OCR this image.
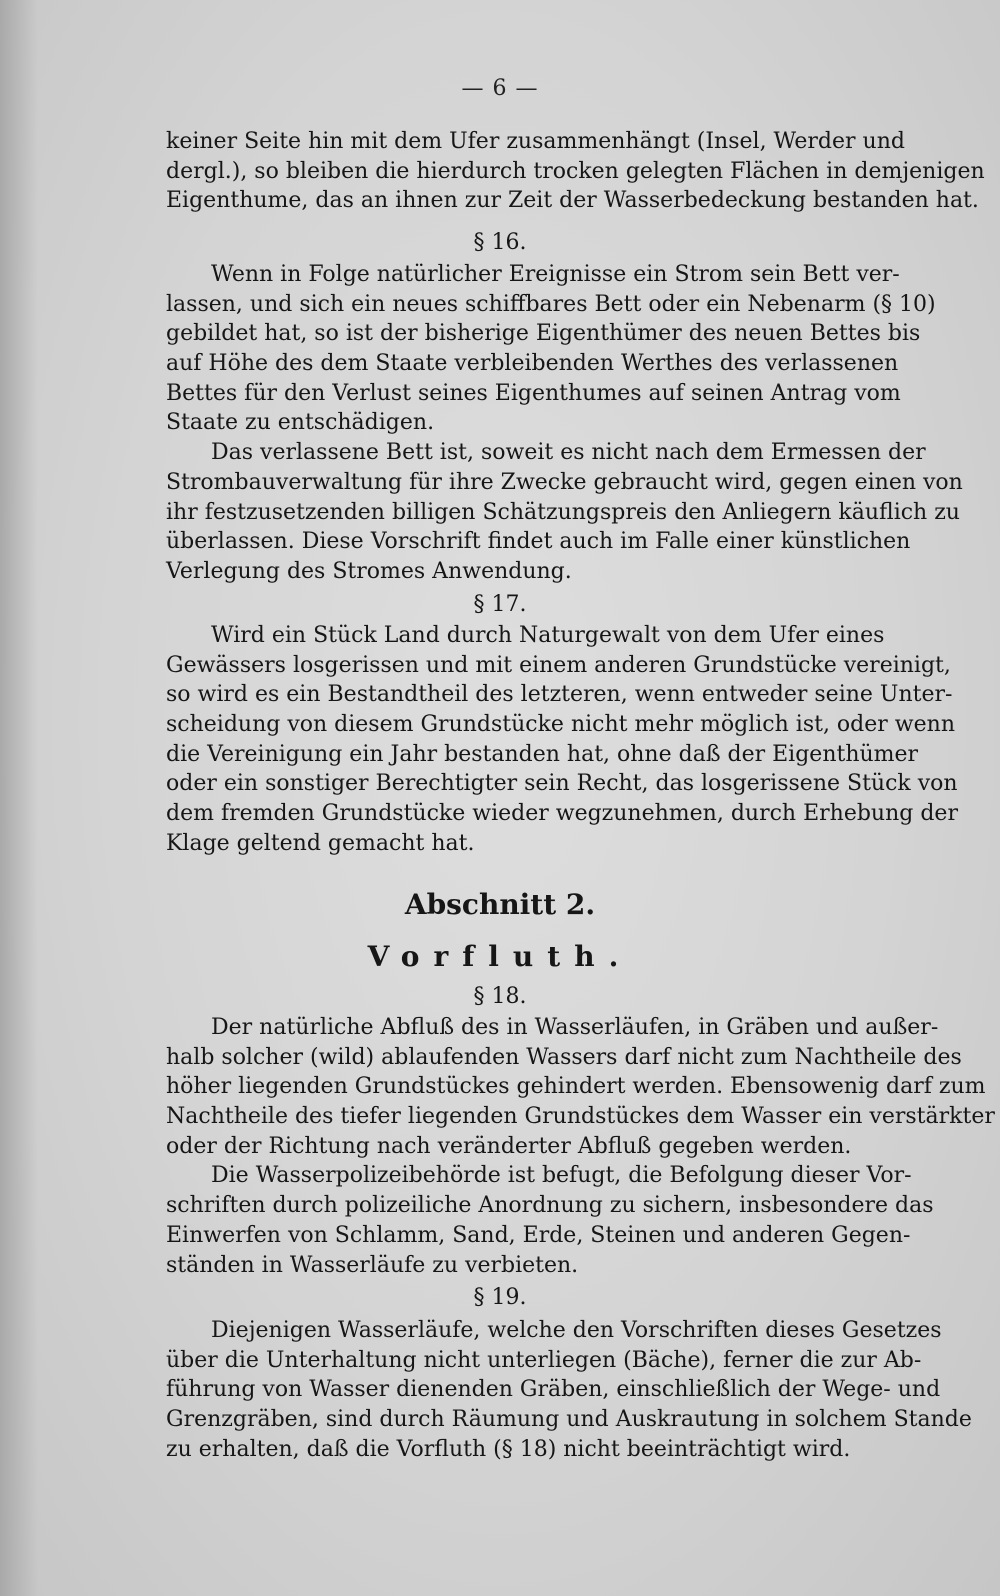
— 6 —
keiner Seite hin mit dem Ufer zusammenhängt (Insel, Werder und
dergl.), so bleiben die hierdurch trocken gelegten Flächen in demjenigen
Eigenthume, das an ihnen zur Zeit der Wasserbedeckung bestanden hat.
§ 16.
Wenn in Folge natürlicher Ereignisse ein Strom sein Bett ver-
lassen, und sich ein neues schiffbares Bett oder ein Nebenarm (§ 10)
gebildet hat, so ist der bisherige Eigenthümer des neuen Bettes bis
auf Höhe des dem Staate verbleibenden Werthes des verlassenen
Bettes für den Verlust seines Eigenthumes auf seinen Antrag vom
Staate zu entschädigen.
Das verlassene Bett ist, soweit es nicht nach dem Ermessen der
Strombauverwaltung für ihre Zwecke gebraucht wird, gegen einen von
ihr festzusetzenden billigen Schätzungspreis den Anliegern käuflich zu
überlassen. Diese Vorschrift findet auch im Falle einer künstlichen
Verlegung des Stromes Anwendung.
§ 17.
Wird ein Stück Land durch Naturgewalt von dem Ufer eines
Gewässers losgerissen und mit einem anderen Grundstücke vereinigt,
so wird es ein Bestandtheil des letzteren, wenn entweder seine Unter-
scheidung von diesem Grundstücke nicht mehr möglich ist, oder wenn
die Vereinigung ein Jahr bestanden hat, ohne daß der Eigenthümer
oder ein sonstiger Berechtigter sein Recht, das losgerissene Stück von
dem fremden Grundstücke wieder wegzunehmen, durch Erhebung der
Klage geltend gemacht hat.
Abschnitt 2.
Vorfluth.
§ 18.
Der natürliche Abfluß des in Wasserläufen, in Gräben und außer-
halb solcher (wild) ablaufenden Wassers darf nicht zum Nachtheile des
höher liegenden Grundstückes gehindert werden. Ebensowenig darf zum
Nachtheile des tiefer liegenden Grundstückes dem Wasser ein verstärkter
oder der Richtung nach veränderter Abfluß gegeben werden.
Die Wasserpolizeibehörde ist befugt, die Befolgung dieser Vor-
schriften durch polizeiliche Anordnung zu sichern, insbesondere das
Einwerfen von Schlamm, Sand, Erde, Steinen und anderen Gegen-
ständen in Wasserläufe zu verbieten.
§ 19.
Diejenigen Wasserläufe, welche den Vorschriften dieses Gesetzes
über die Unterhaltung nicht unterliegen (Bäche), ferner die zur Ab-
führung von Wasser dienenden Gräben, einschließlich der Wege- und
Grenzgräben, sind durch Räumung und Auskrautung in solchem Stande
zu erhalten, daß die Vorfluth (§ 18) nicht beeinträchtigt wird.
